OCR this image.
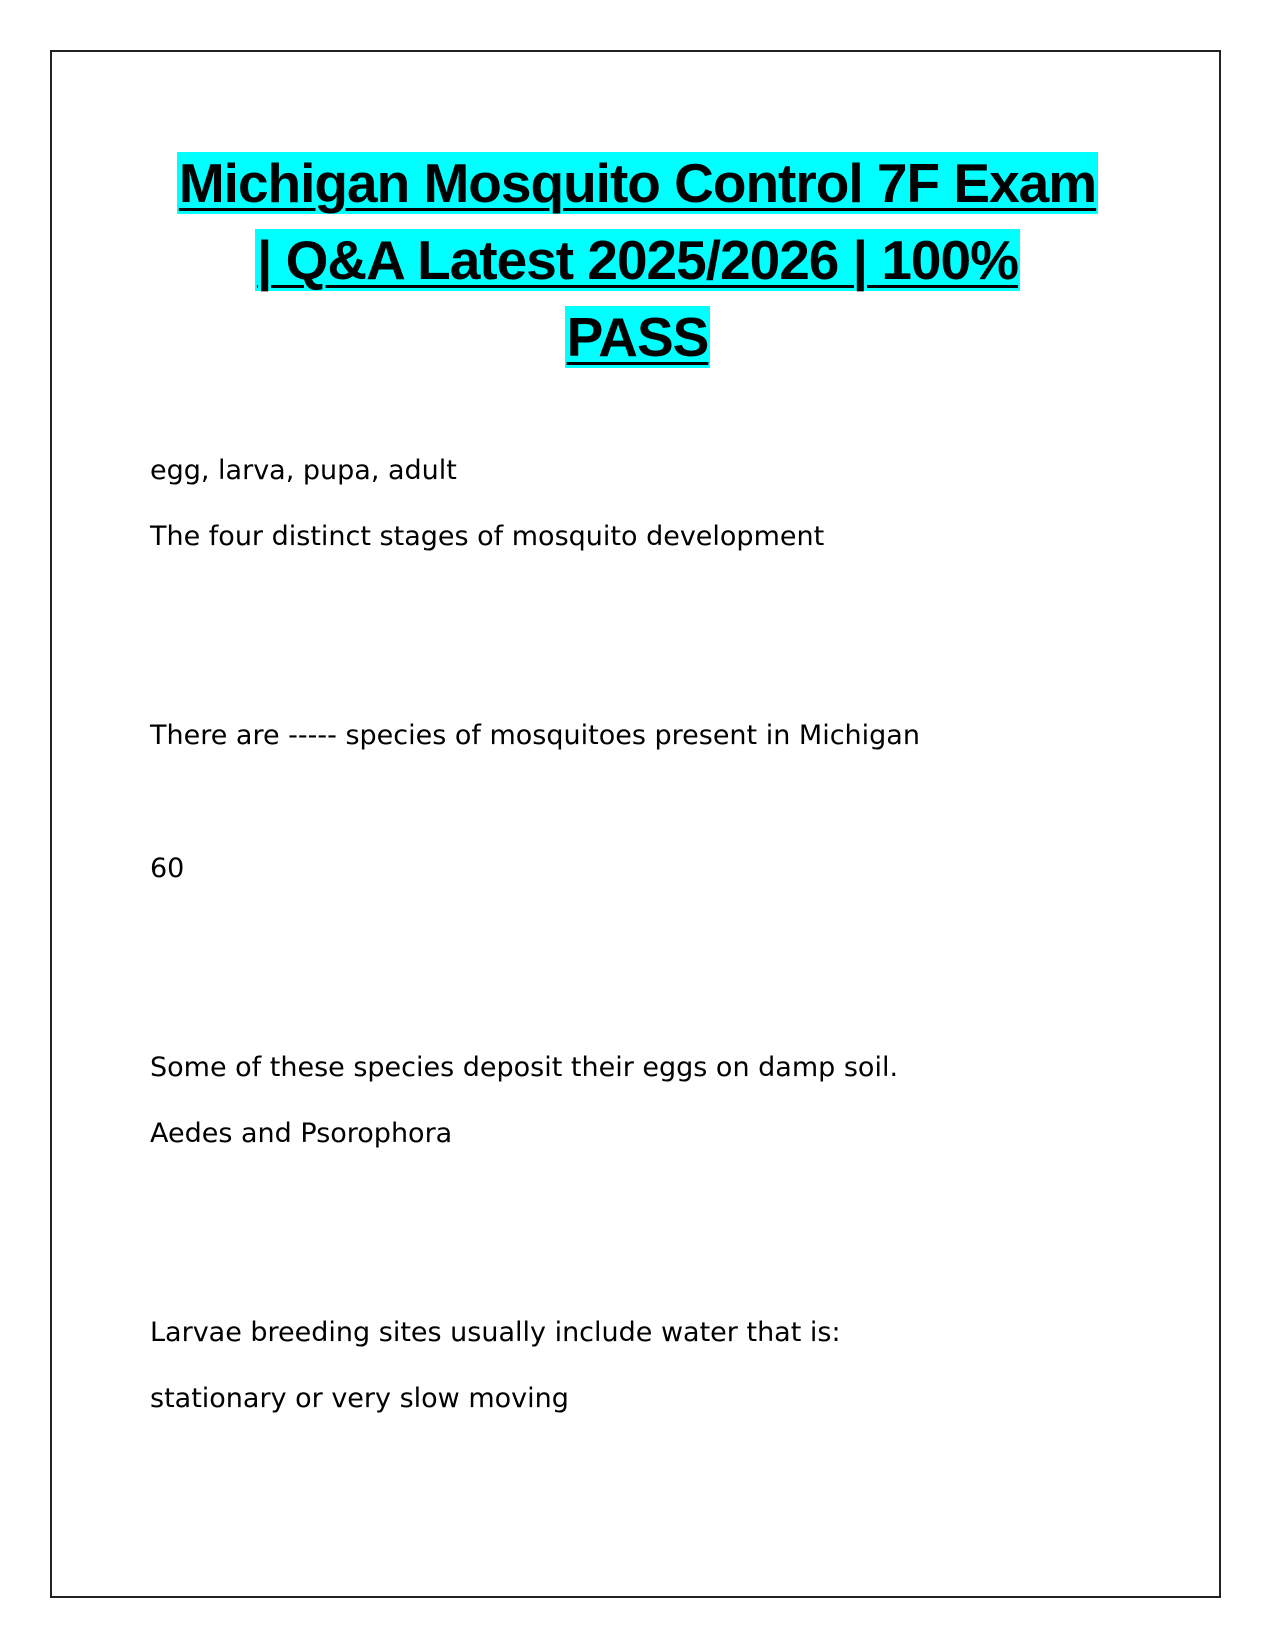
Michigan Mosquito Control 7F Exam
| Q&A Latest 2025/2026 | 100%
PASS

egg, larva, pupa, adult

The four distinct stages of mosquito development

There are ----- species of mosquitoes present in Michigan

60

Some of these species deposit their eggs on damp soil.

Aedes and Psorophora

Larvae breeding sites usually include water that is:

stationary or very slow moving
